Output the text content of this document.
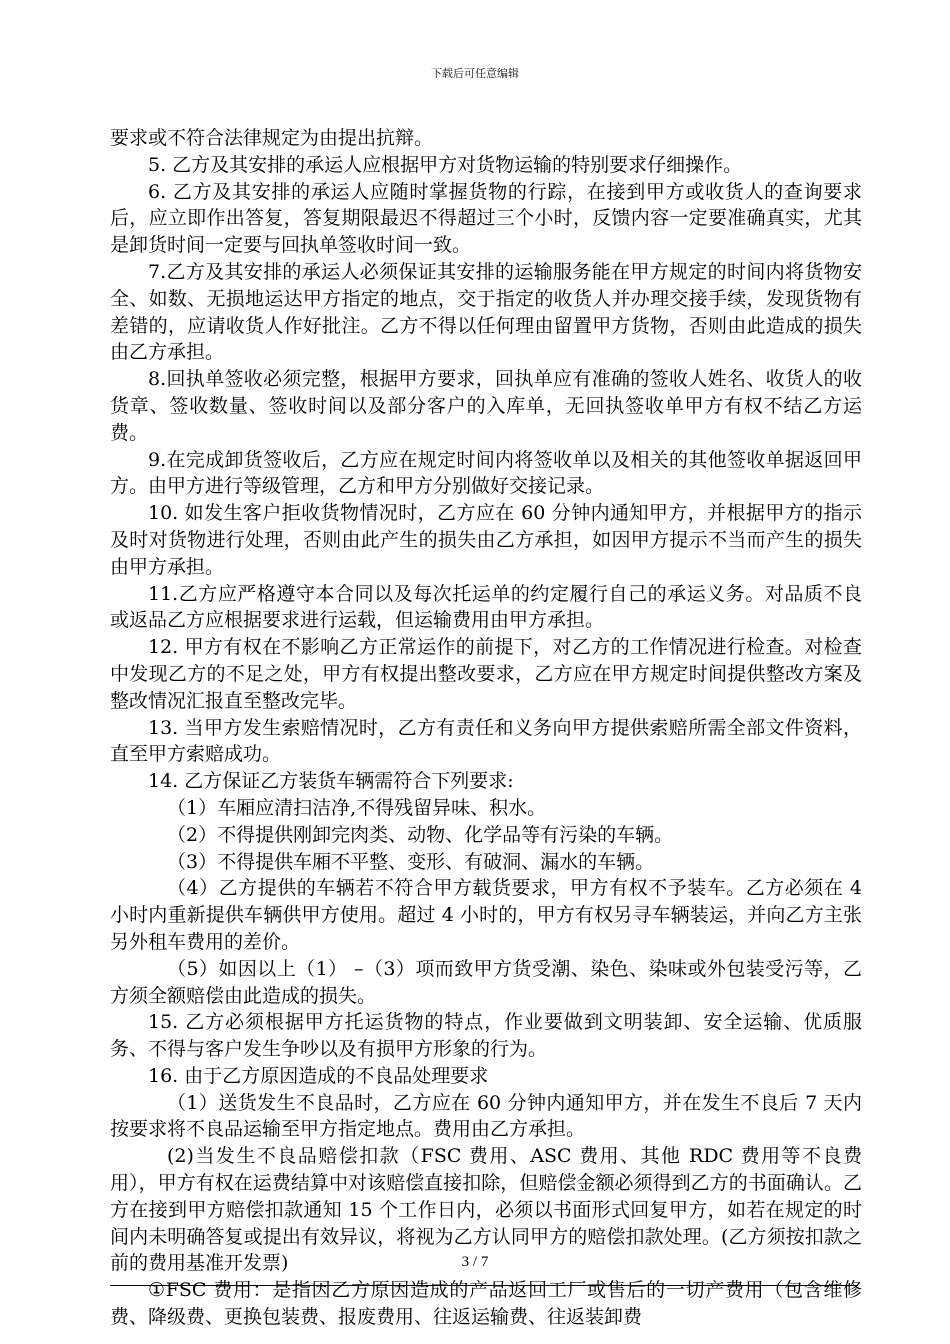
下载后可任意编辑

要求或不符合法律规定为由提出抗辩。

5. 乙方及其安排的承运人应根据甲方对货物运输的特别要求仔细操作。

6. 乙方及其安排的承运人应随时掌握货物的行踪，在接到甲方或收货人的查询要求后，应立即作出答复，答复期限最迟不得超过三个小时，反馈内容一定要准确真实，尤其是卸货时间一定要与回执单签收时间一致。

7.乙方及其安排的承运人必须保证其安排的运输服务能在甲方规定的时间内将货物安全、如数、无损地运达甲方指定的地点，交于指定的收货人并办理交接手续，发现货物有差错的，应请收货人作好批注。乙方不得以任何理由留置甲方货物，否则由此造成的损失由乙方承担。

8.回执单签收必须完整，根据甲方要求，回执单应有准确的签收人姓名、收货人的收货章、签收数量、签收时间以及部分客户的入库单，无回执签收单甲方有权不结乙方运费。

9.在完成卸货签收后，乙方应在规定时间内将签收单以及相关的其他签收单据返回甲方。由甲方进行等级管理，乙方和甲方分别做好交接记录。

10. 如发生客户拒收货物情况时，乙方应在 60 分钟内通知甲方，并根据甲方的指示及时对货物进行处理，否则由此产生的损失由乙方承担，如因甲方提示不当而产生的损失由甲方承担。

11.乙方应严格遵守本合同以及每次托运单的约定履行自己的承运义务。对品质不良或返品乙方应根据要求进行运载，但运输费用由甲方承担。

12. 甲方有权在不影响乙方正常运作的前提下，对乙方的工作情况进行检查。对检查中发现乙方的不足之处，甲方有权提出整改要求，乙方应在甲方规定时间提供整改方案及整改情况汇报直至整改完毕。

13. 当甲方发生索赔情况时，乙方有责任和义务向甲方提供索赔所需全部文件资料，直至甲方索赔成功。

14. 乙方保证乙方装货车辆需符合下列要求:

（1）车厢应清扫洁净,不得残留异味、积水。

（2）不得提供刚卸完肉类、动物、化学品等有污染的车辆。

（3）不得提供车厢不平整、变形、有破洞、漏水的车辆。

（4）乙方提供的车辆若不符合甲方载货要求，甲方有权不予装车。乙方必须在 4 小时内重新提供车辆供甲方使用。超过 4 小时的，甲方有权另寻车辆装运，并向乙方主张另外租车费用的差价。

（5）如因以上（1） –（3）项而致甲方货受潮、染色、染味或外包装受污等，乙方须全额赔偿由此造成的损失。

15. 乙方必须根据甲方托运货物的特点，作业要做到文明装卸、安全运输、优质服务、不得与客户发生争吵以及有损甲方形象的行为。

16. 由于乙方原因造成的不良品处理要求

（1）送货发生不良品时，乙方应在 60 分钟内通知甲方，并在发生不良后 7 天内按要求将不良品运输至甲方指定地点。费用由乙方承担。

(2)当发生不良品赔偿扣款（FSC 费用、ASC 费用、其他 RDC 费用等不良费用），甲方有权在运费结算中对该赔偿直接扣除，但赔偿金额必须得到乙方的书面确认。乙方在接到甲方赔偿扣款通知 15 个工作日内，必须以书面形式回复甲方，如若在规定的时间内未明确答复或提出有效异议，将视为乙方认同甲方的赔偿扣款处理。(乙方须按扣款之前的费用基准开发票)

①FSC 费用：是指因乙方原因造成的产品返回工厂或售后的一切产费用（包含维修费、降级费、更换包装费、报废费用、往返运输费、往返装卸费

3 / 7
